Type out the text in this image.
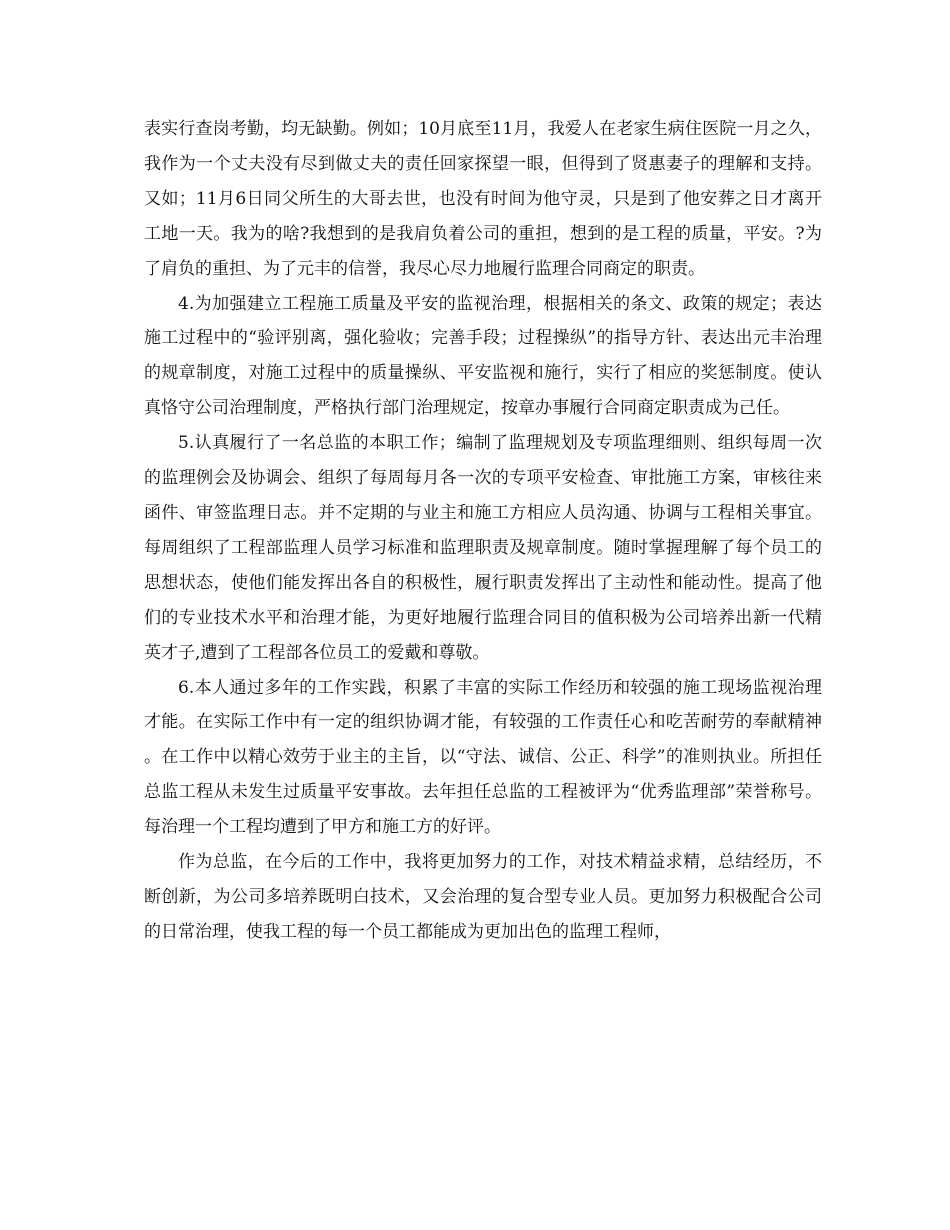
表实行查岗考勤，均无缺勤。例如；10月底至11月，我爱人在老家生病住医院一月之久，我作为一个丈夫没有尽到做丈夫的责任回家探望一眼，但得到了贤惠妻子的理解和支持。又如；11月6日同父所生的大哥去世，也没有时间为他守灵，只是到了他安葬之日才离开工地一天。我为的啥?我想到的是我肩负着公司的重担，想到的是工程的质量，平安。?为了肩负的重担、为了元丰的信誉，我尽心尽力地履行监理合同商定的职责。

4.为加强建立工程施工质量及平安的监视治理，根据相关的条文、政策的规定；表达施工过程中的“验评别离，强化验收；完善手段；过程操纵”的指导方针、表达出元丰治理的规章制度，对施工过程中的质量操纵、平安监视和施行，实行了相应的奖惩制度。使认真恪守公司治理制度，严格执行部门治理规定，按章办事履行合同商定职责成为己任。

5.认真履行了一名总监的本职工作；编制了监理规划及专项监理细则、组织每周一次的监理例会及协调会、组织了每周每月各一次的专项平安检查、审批施工方案，审核往来函件、审签监理日志。并不定期的与业主和施工方相应人员沟通、协调与工程相关事宜。每周组织了工程部监理人员学习标准和监理职责及规章制度。随时掌握理解了每个员工的思想状态，使他们能发挥出各自的积极性，履行职责发挥出了主动性和能动性。提高了他们的专业技术水平和治理才能，为更好地履行监理合同目的值积极为公司培养出新一代精英才子,遭到了工程部各位员工的爱戴和尊敬。

6.本人通过多年的工作实践，积累了丰富的实际工作经历和较强的施工现场监视治理才能。在实际工作中有一定的组织协调才能，有较强的工作责任心和吃苦耐劳的奉献精神。在工作中以精心效劳于业主的主旨，以“守法、诚信、公正、科学”的准则执业。所担任总监工程从未发生过质量平安事故。去年担任总监的工程被评为“优秀监理部”荣誉称号。每治理一个工程均遭到了甲方和施工方的好评。

作为总监，在今后的工作中，我将更加努力的工作，对技术精益求精，总结经历，不断创新，为公司多培养既明白技术，又会治理的复合型专业人员。更加努力积极配合公司的日常治理，使我工程的每一个员工都能成为更加出色的监理工程师，
